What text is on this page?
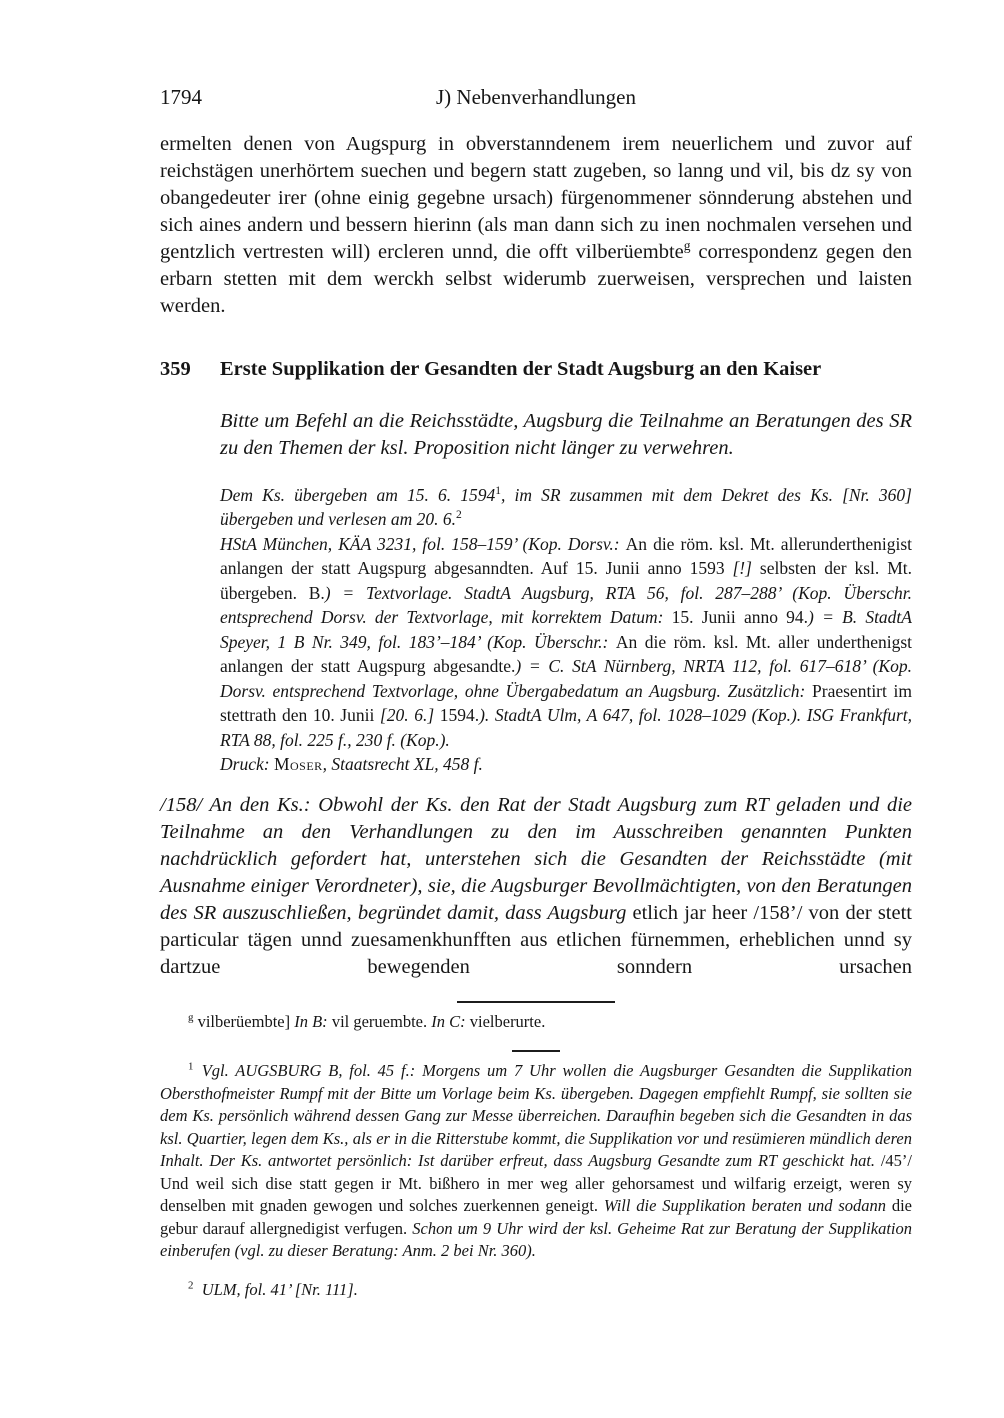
1794	J) Nebenverhandlungen

ermelten denen von Augspurg in obverstanndenem irem neuerlichem und zuvor auf reichstägen unerhörtem suechen und begern statt zugeben, so lanng und vil, bis dz sy von obangedeuter irer (ohne einig gegebne ursach) fürgenommener sönnderung abstehen und sich aines andern und bessern hierinn (als man dann sich zu inen nochmalen versehen und gentzlich vertresten will) ercleren unnd, die offt vilberüembte$^g$ correspondenz gegen den erbarn stetten mit dem werckh selbst widerumb zuerweisen, versprechen und laisten werden.

359	Erste Supplikation der Gesandten der Stadt Augsburg an den Kaiser

Bitte um Befehl an die Reichsstädte, Augsburg die Teilnahme an Beratungen des SR zu den Themen der ksl. Proposition nicht länger zu verwehren.

Dem Ks. übergeben am 15. 6. 1594$^1$, im SR zusammen mit dem Dekret des Ks. [Nr. 360] übergeben und verlesen am 20. 6.$^2$

HStA München, KÄA 3231, fol. 158–159’ (Kop. Dorsv.: An die röm. ksl. Mt. allerunderthenigist anlangen der statt Augspurg abgesanndten. Auf 15. Junii anno 1593 [!] selbsten der ksl. Mt. übergeben. B.) = Textvorlage. StadtA Augsburg, RTA 56, fol. 287–288’ (Kop. Überschr. entsprechend Dorsv. der Textvorlage, mit korrektem Datum: 15. Junii anno 94.) = B. StadtA Speyer, 1 B Nr. 349, fol. 183’–184’ (Kop. Überschr.: An die röm. ksl. Mt. aller underthenigst anlangen der statt Augspurg abgesandte.) = C. StA Nürnberg, NRTA 112, fol. 617–618’ (Kop. Dorsv. entsprechend Textvorlage, ohne Übergabedatum an Augsburg. Zusätzlich: Praesentirt im stettrath den 10. Junii [20. 6.] 1594.). StadtA Ulm, A 647, fol. 1028–1029 (Kop.). ISG Frankfurt, RTA 88, fol. 225 f., 230 f. (Kop.).

Druck: Moser, Staatsrecht XL, 458 f.

/158/ An den Ks.: Obwohl der Ks. den Rat der Stadt Augsburg zum RT geladen und die Teilnahme an den Verhandlungen zu den im Ausschreiben genannten Punkten nachdrücklich gefordert hat, unterstehen sich die Gesandten der Reichsstädte (mit Ausnahme einiger Verordneter), sie, die Augsburger Bevollmächtigten, von den Beratungen des SR auszuschließen, begründet damit, dass Augsburg etlich jar heer /158’/ von der stett particular tägen unnd zuesamenkhunfften aus etlichen fürnemmen, erheblichen unnd sy dartzue bewegenden sonndern ursachen

$^g$ vilberüembte] In B: vil geruembte. In C: vielberurte.

$^1$ Vgl. AUGSBURG B, fol. 45 f.: Morgens um 7 Uhr wollen die Augsburger Gesandten die Supplikation Obersthofmeister Rumpf mit der Bitte um Vorlage beim Ks. übergeben. Dagegen empfiehlt Rumpf, sie sollten sie dem Ks. persönlich während dessen Gang zur Messe überreichen. Daraufhin begeben sich die Gesandten in das ksl. Quartier, legen dem Ks., als er in die Ritterstube kommt, die Supplikation vor und resümieren mündlich deren Inhalt. Der Ks. antwortet persönlich: Ist darüber erfreut, dass Augsburg Gesandte zum RT geschickt hat. /45’/ Und weil sich dise statt gegen ir Mt. bißhero in mer weg aller gehorsamest und wilfarig erzeigt, weren sy denselben mit gnaden gewogen und solches zuerkennen geneigt. Will die Supplikation beraten und sodann die gebur darauf allergnedigist verfugen. Schon um 9 Uhr wird der ksl. Geheime Rat zur Beratung der Supplikation einberufen (vgl. zu dieser Beratung: Anm. 2 bei Nr. 360).

$^2$ ULM, fol. 41’ [Nr. 111].
